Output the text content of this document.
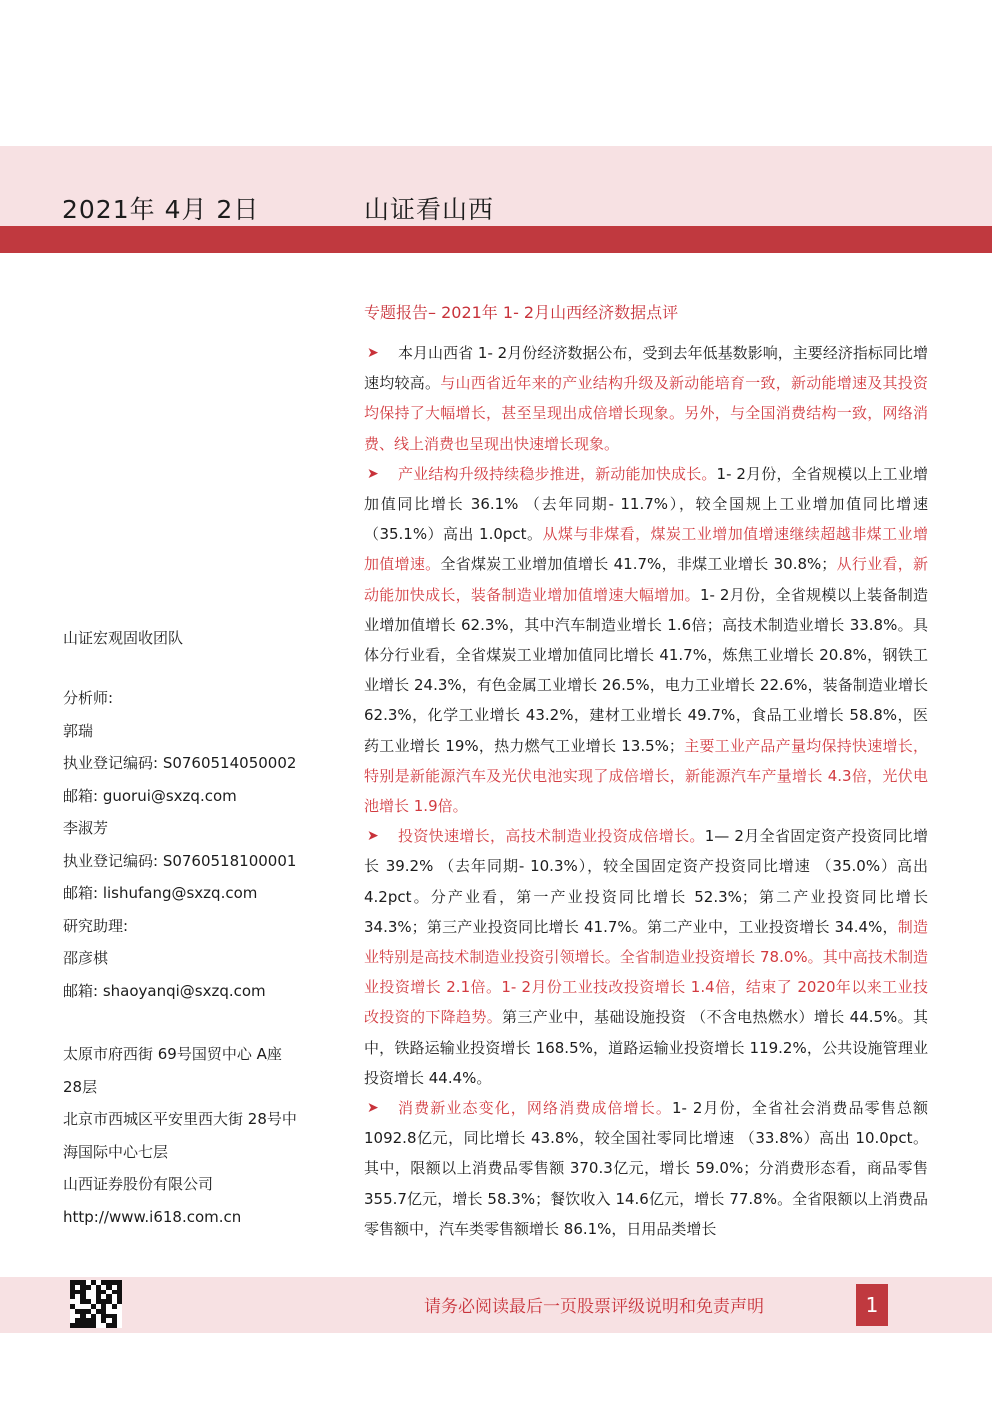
2021年 4月 2日	山证看山西
专题报告– 2021年 1- 2月山西经济数据点评
山证宏观固收团队
分析师:
郭瑞
执业登记编码: S0760514050002
邮箱: guorui@sxzq.com
李淑芳
执业登记编码: S0760518100001
邮箱: lishufang@sxzq.com
研究助理:
邵彦棋
邮箱: shaoyanqi@sxzq.com
太原市府西街 69号国贸中心 A座
28层
北京市西城区平安里西大街 28号中
海国际中心七层
山西证券股份有限公司
http://www.i618.com.cn

➤ 本月山西省 1- 2月份经济数据公布，受到去年低基数影响，主要经济指标同比增速均较高。与山西省近年来的产业结构升级及新动能培育一致，新动能增速及其投资均保持了大幅增长，甚至呈现出成倍增长现象。另外，与全国消费结构一致，网络消费、线上消费也呈现出快速增长现象。

➤ 产业结构升级持续稳步推进，新动能加快成长。1- 2月份，全省规模以上工业增加值同比增长 36.1% （去年同期- 11.7%），较全国规上工业增加值同比增速 （35.1%）高出 1.0pct。从煤与非煤看，煤炭工业增加值增速继续超越非煤工业增加值增速。全省煤炭工业增加值增长 41.7%，非煤工业增长 30.8%；从行业看，新动能加快成长，装备制造业增加值增速大幅增加。1- 2月份，全省规模以上装备制造业增加值增长 62.3%，其中汽车制造业增长 1.6倍；高技术制造业增长 33.8%。具体分行业看，全省煤炭工业增加值同比增长 41.7%，炼焦工业增长 20.8%，钢铁工业增长 24.3%，有色金属工业增长 26.5%，电力工业增长 22.6%，装备制造业增长 62.3%，化学工业增长 43.2%，建材工业增长 49.7%，食品工业增长 58.8%，医药工业增长 19%，热力燃气工业增长 13.5%；主要工业产品产量均保持快速增长，特别是新能源汽车及光伏电池实现了成倍增长，新能源汽车产量增长 4.3倍，光伏电池增长 1.9倍。

➤ 投资快速增长，高技术制造业投资成倍增长。1— 2月全省固定资产投资同比增长 39.2% （去年同期- 10.3%），较全国固定资产投资同比增速 （35.0%）高出 4.2pct。分产业看，第一产业投资同比增长 52.3%；第二产业投资同比增长 34.3%；第三产业投资同比增长 41.7%。第二产业中，工业投资增长 34.4%，制造业特别是高技术制造业投资引领增长。全省制造业投资增长 78.0%。其中高技术制造业投资增长 2.1倍。1- 2月份工业技改投资增长 1.4倍，结束了 2020年以来工业技改投资的下降趋势。第三产业中，基础设施投资 （不含电热燃水）增长 44.5%。其中，铁路运输业投资增长 168.5%，道路运输业投资增长 119.2%，公共设施管理业投资增长 44.4%。

➤ 消费新业态变化，网络消费成倍增长。1- 2月份，全省社会消费品零售总额 1092.8亿元，同比增长 43.8%，较全国社零同比增速 （33.8%）高出 10.0pct。其中，限额以上消费品零售额 370.3亿元，增长 59.0%；分消费形态看，商品零售 355.7亿元，增长 58.3%；餐饮收入 14.6亿元，增长 77.8%。全省限额以上消费品零售额中，汽车类零售额增长 86.1%，日用品类增长

请务必阅读最后一页股票评级说明和免责声明	1
